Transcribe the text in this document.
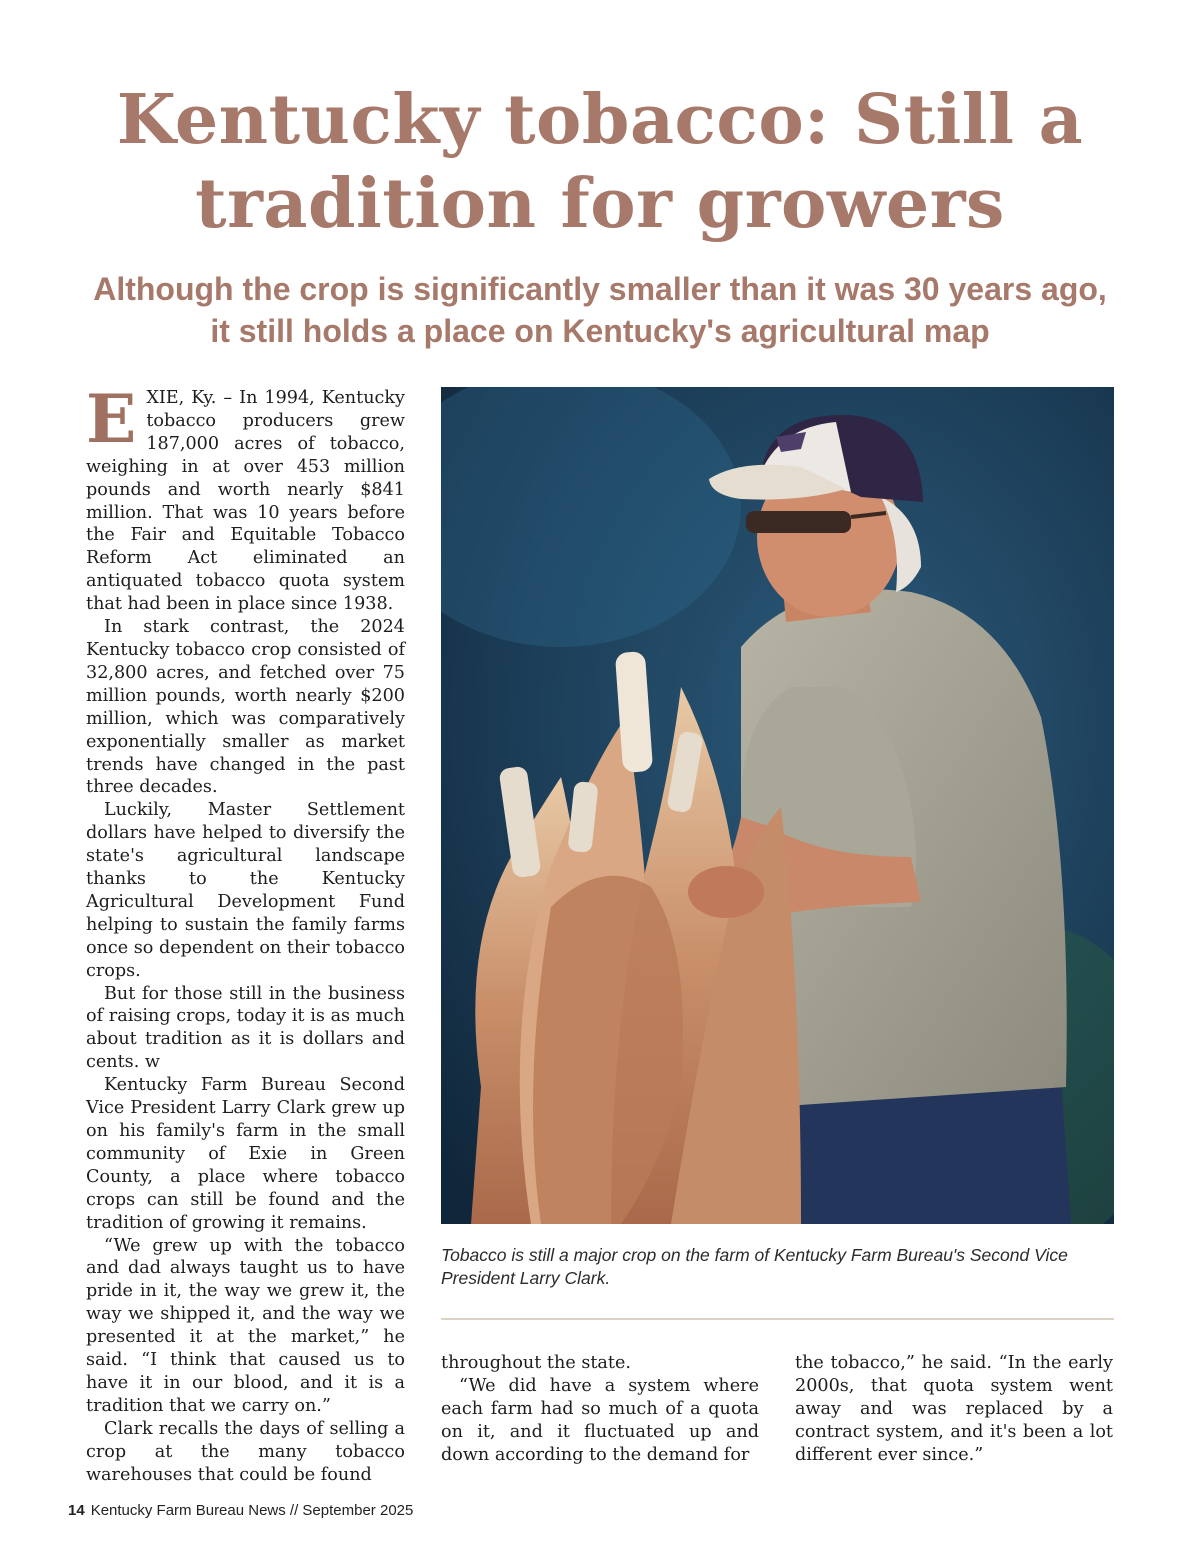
Kentucky tobacco: Still a tradition for growers
Although the crop is significantly smaller than it was 30 years ago, it still holds a place on Kentucky's agricultural map

EXIE, Ky. – In 1994, Kentucky tobacco producers grew 187,000 acres of tobacco, weighing in at over 453 million pounds and worth nearly $841 million. That was 10 years before the Fair and Equitable Tobacco Reform Act eliminated an antiquated tobacco quota system that had been in place since 1938.

In stark contrast, the 2024 Kentucky tobacco crop consisted of 32,800 acres, and fetched over 75 million pounds, worth nearly $200 million, which was comparatively exponentially smaller as market trends have changed in the past three decades.

Luckily, Master Settlement dollars have helped to diversify the state's agricultural landscape thanks to the Kentucky Agricultural Development Fund helping to sustain the family farms once so dependent on their tobacco crops.

But for those still in the business of raising crops, today it is as much about tradition as it is dollars and cents. w

Kentucky Farm Bureau Second Vice President Larry Clark grew up on his family's farm in the small community of Exie in Green County, a place where tobacco crops can still be found and the tradition of growing it remains.

“We grew up with the tobacco and dad always taught us to have pride in it, the way we grew it, the way we shipped it, and the way we presented it at the market,” he said. “I think that caused us to have it in our blood, and it is a tradition that we carry on.”

Clark recalls the days of selling a crop at the many tobacco warehouses that could be found

Tobacco is still a major crop on the farm of Kentucky Farm Bureau's Second Vice President Larry Clark.

throughout the state.

“We did have a system where each farm had so much of a quota on it, and it fluctuated up and down according to the demand for

the tobacco,” he said. “In the early 2000s, that quota system went away and was replaced by a contract system, and it's been a lot different ever since.”

14 Kentucky Farm Bureau News // September 2025
